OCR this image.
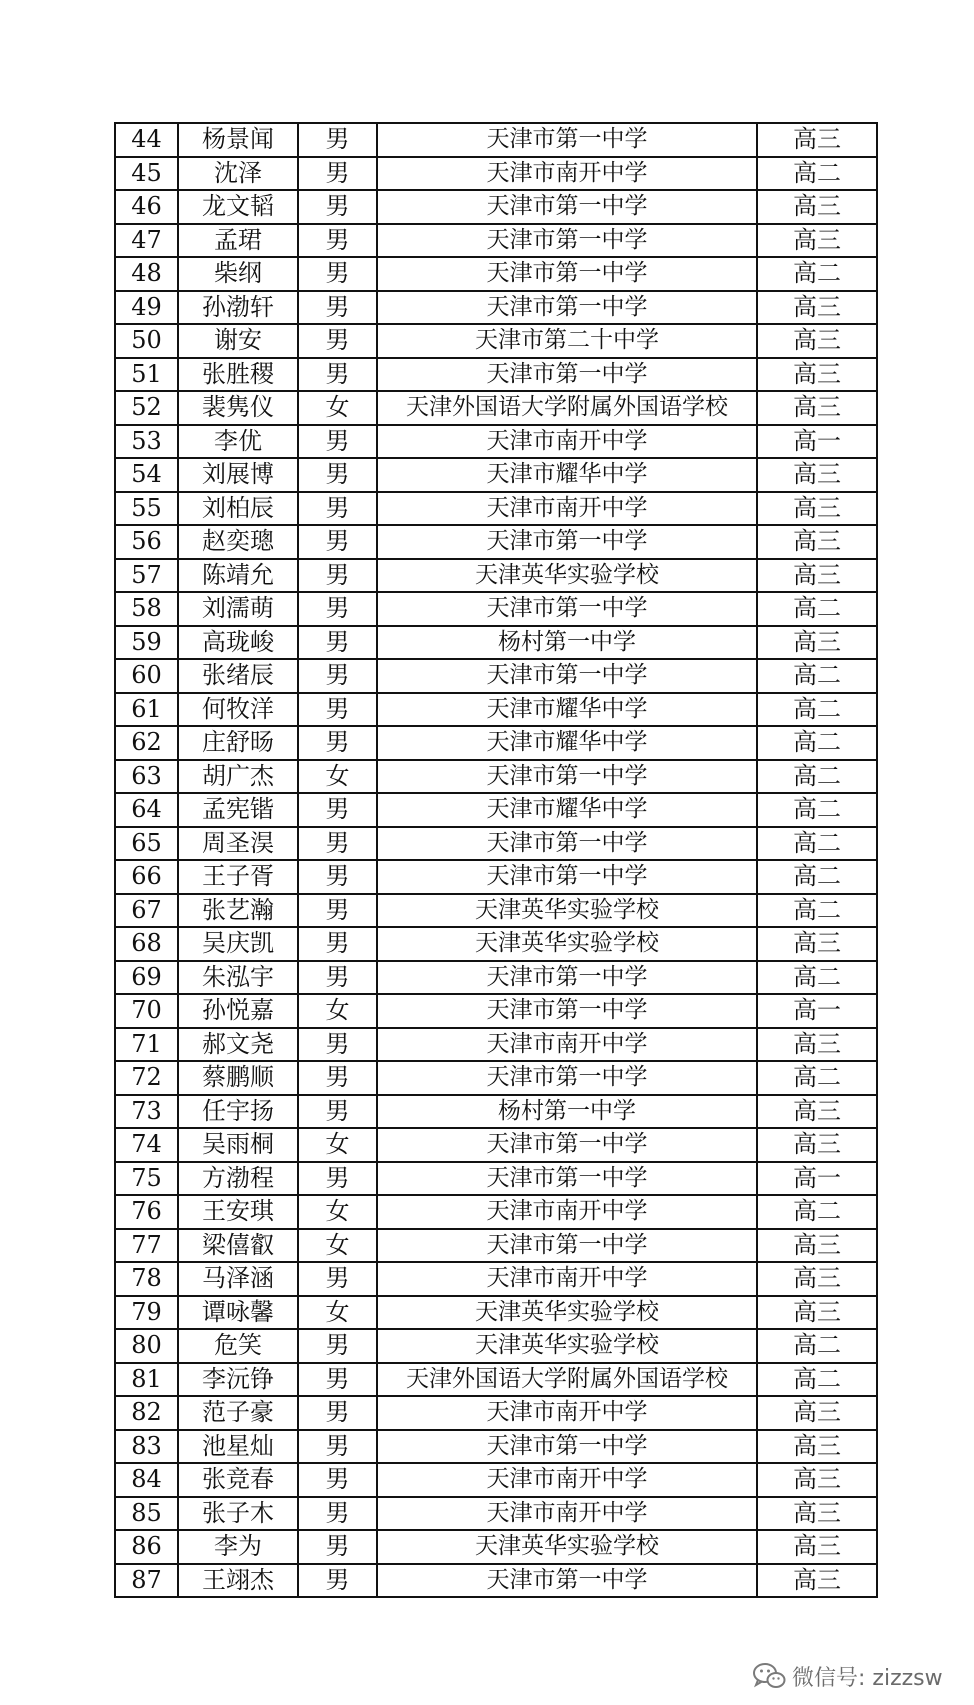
44	杨景闻	男	天津市第一中学	高三
45	沈泽	男	天津市南开中学	高二
46	龙文韬	男	天津市第一中学	高三
47	孟珺	男	天津市第一中学	高三
48	柴纲	男	天津市第一中学	高二
49	孙渤轩	男	天津市第一中学	高三
50	谢安	男	天津市第二十中学	高三
51	张胜稷	男	天津市第一中学	高三
52	裴隽仪	女	天津外国语大学附属外国语学校	高三
53	李优	男	天津市南开中学	高一
54	刘展博	男	天津市耀华中学	高三
55	刘柏辰	男	天津市南开中学	高三
56	赵奕璁	男	天津市第一中学	高三
57	陈靖允	男	天津英华实验学校	高三
58	刘濡萌	男	天津市第一中学	高二
59	高珑峻	男	杨村第一中学	高三
60	张绪辰	男	天津市第一中学	高二
61	何牧洋	男	天津市耀华中学	高二
62	庄舒旸	男	天津市耀华中学	高二
63	胡广杰	女	天津市第一中学	高二
64	孟宪锴	男	天津市耀华中学	高二
65	周圣淏	男	天津市第一中学	高二
66	王子胥	男	天津市第一中学	高二
67	张艺瀚	男	天津英华实验学校	高二
68	吴庆凯	男	天津英华实验学校	高三
69	朱泓宇	男	天津市第一中学	高二
70	孙悦嘉	女	天津市第一中学	高一
71	郝文尧	男	天津市南开中学	高三
72	蔡鹏顺	男	天津市第一中学	高二
73	任宇扬	男	杨村第一中学	高三
74	吴雨桐	女	天津市第一中学	高三
75	方渤程	男	天津市第一中学	高一
76	王安琪	女	天津市南开中学	高二
77	梁僖叡	女	天津市第一中学	高三
78	马泽涵	男	天津市南开中学	高三
79	谭咏馨	女	天津英华实验学校	高三
80	危笑	男	天津英华实验学校	高二
81	李沅铮	男	天津外国语大学附属外国语学校	高二
82	范子豪	男	天津市南开中学	高三
83	池星灿	男	天津市第一中学	高三
84	张竞春	男	天津市南开中学	高三
85	张子木	男	天津市南开中学	高三
86	李为	男	天津英华实验学校	高三
87	王翊杰	男	天津市第一中学	高三
微信号: zizzsw
